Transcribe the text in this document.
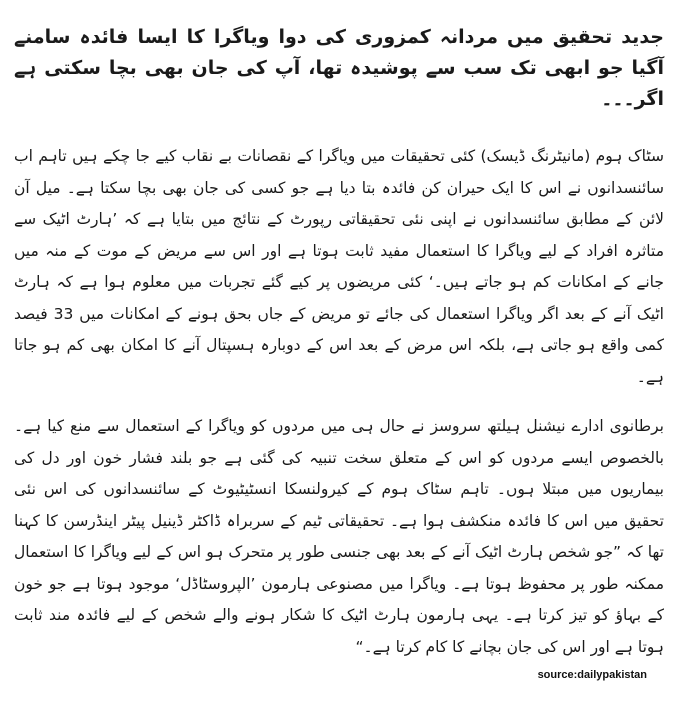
جدید تحقیق میں مردانہ کمزوری کی دوا ویاگرا کا ایسا فائدہ سامنے آگیا جو ابھی تک سب سے پوشیدہ تھا، آپ کی جان بھی بچا سکتی ہے اگر۔۔۔

سٹاک ہوم (مانیٹرنگ ڈیسک) کئی تحقیقات میں ویاگرا کے نقصانات بے نقاب کیے جا چکے ہیں تاہم اب سائنسدانوں نے اس کا ایک حیران کن فائدہ بتا دیا ہے جو کسی کی جان بھی بچا سکتا ہے۔ میل آن لائن کے مطابق سائنسدانوں نے اپنی نئی تحقیقاتی رپورٹ کے نتائج میں بتایا ہے کہ ’ہارٹ اٹیک سے متاثرہ افراد کے لیے ویاگرا کا استعمال مفید ثابت ہوتا ہے اور اس سے مریض کے موت کے منہ میں جانے کے امکانات کم ہو جاتے ہیں۔‘ کئی مریضوں پر کیے گئے تجربات میں معلوم ہوا ہے کہ ہارٹ اٹیک آنے کے بعد اگر ویاگرا استعمال کی جائے تو مریض کے جاں بحق ہونے کے امکانات میں 33 فیصد کمی واقع ہو جاتی ہے، بلکہ اس مرض کے بعد اس کے دوبارہ ہسپتال آنے کا امکان بھی کم ہو جاتا ہے۔

برطانوی ادارے نیشنل ہیلتھ سروسز نے حال ہی میں مردوں کو ویاگرا کے استعمال سے منع کیا ہے۔ بالخصوص ایسے مردوں کو اس کے متعلق سخت تنبیہ کی گئی ہے جو بلند فشار خون اور دل کی بیماریوں میں مبتلا ہوں۔ تاہم سٹاک ہوم کے کیرولنسکا انسٹیٹیوٹ کے سائنسدانوں کی اس نئی تحقیق میں اس کا فائدہ منکشف ہوا ہے۔ تحقیقاتی ٹیم کے سربراہ ڈاکٹر ڈینیل پیٹر اینڈرسن کا کہنا تھا کہ ”جو شخص ہارٹ اٹیک آنے کے بعد بھی جنسی طور پر متحرک ہو اس کے لیے ویاگرا کا استعمال ممکنہ طور پر محفوظ ہوتا ہے۔ ویاگرا میں مصنوعی ہارمون ’الپروسٹاڈل‘ موجود ہوتا ہے جو خون کے بہاؤ کو تیز کرتا ہے۔ یہی ہارمون ہارٹ اٹیک کا شکار ہونے والے شخص کے لیے فائدہ مند ثابت ہوتا ہے اور اس کی جان بچانے کا کام کرتا ہے۔“

source:dailypakistan
